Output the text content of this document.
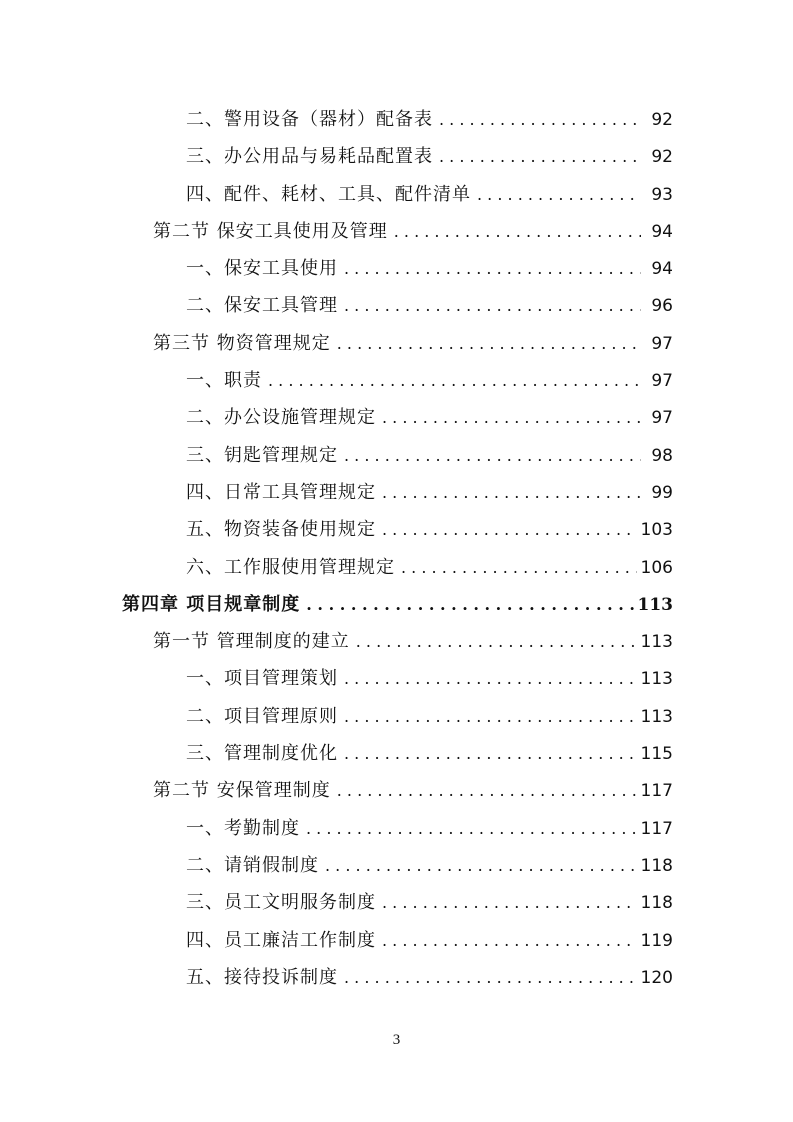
二、警用设备（器材）配备表 . . .	92
三、办公用品与易耗品配置表 . . .	92
四、配件、耗材、工具、配件清单 . . .	93
第二节 保安工具使用及管理 . . .	94
一、保安工具使用 . . .	94
二、保安工具管理 . . .	96
第三节 物资管理规定 . . .	97
一、职责 . . .	97
二、办公设施管理规定 . . .	97
三、钥匙管理规定 . . .	98
四、日常工具管理规定 . . .	99
五、物资装备使用规定 . . .	103
六、工作服使用管理规定 . . .	106
第四章 项目规章制度 . . .	113
第一节 管理制度的建立 . . .	113
一、项目管理策划 . . .	113
二、项目管理原则 . . .	113
三、管理制度优化 . . .	115
第二节 安保管理制度 . . .	117
一、考勤制度 . . .	117
二、请销假制度 . . .	118
三、员工文明服务制度 . . .	118
四、员工廉洁工作制度 . . .	119
五、接待投诉制度 . . .	120
3
